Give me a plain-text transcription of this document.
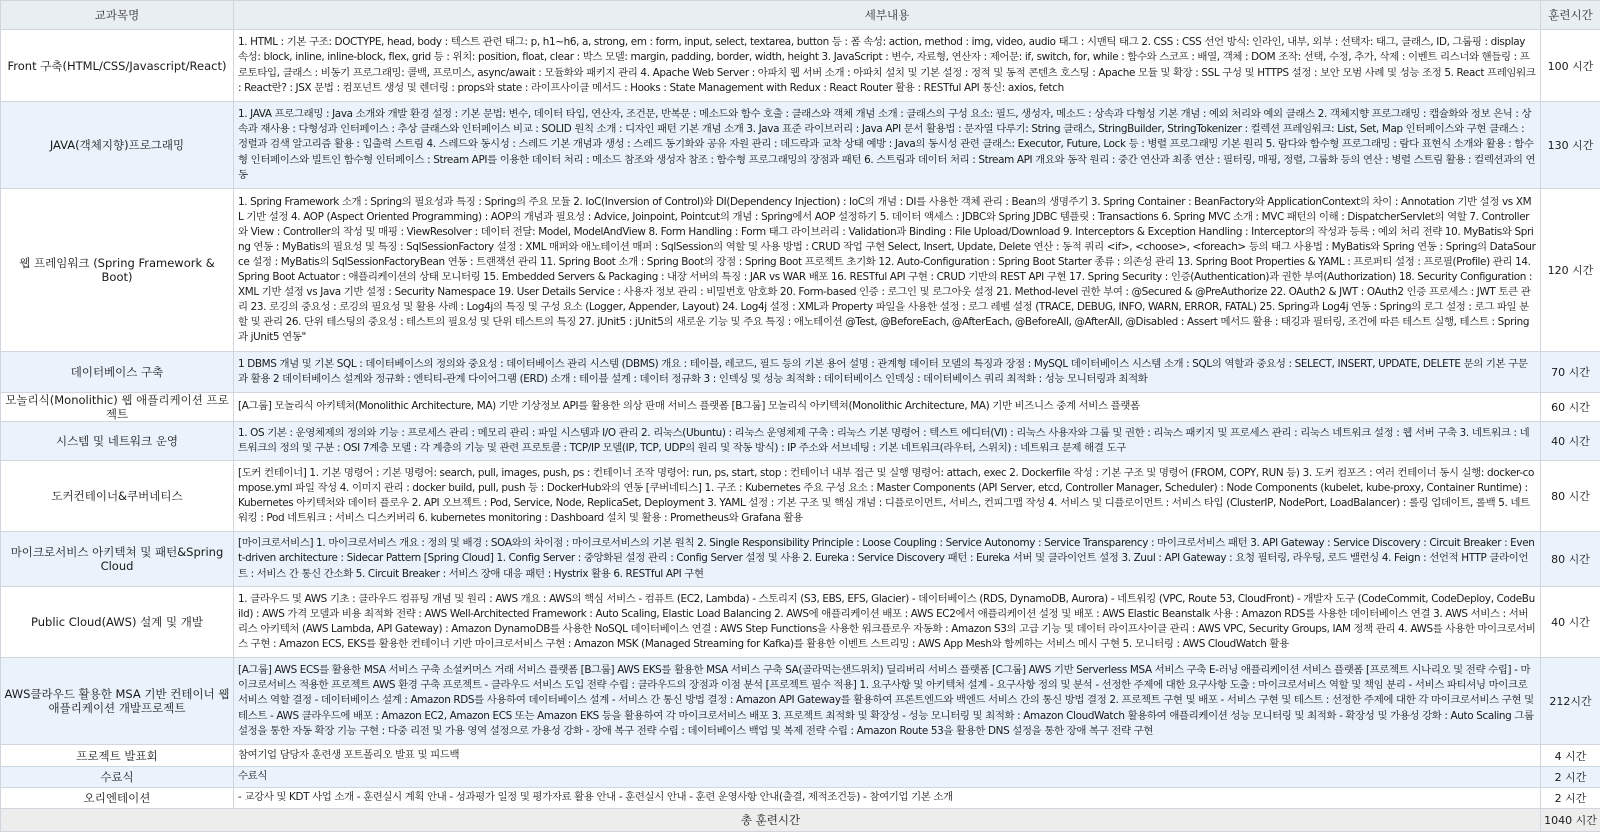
교과목명	세부내용	훈련시간
Front 구축(HTML/CSS/Javascript/React)	1. HTML : 기본 구조: DOCTYPE, head, body : 텍스트 관련 태그: p, h1~h6, a, strong, em : form, input, select, textarea, button 등 : 폼 속성: action, method : img, video, audio 태그 : 시맨틱 태그 2. CSS : CSS 선언 방식: 인라인, 내부, 외부 : 선택자: 태그, 클래스, ID, 그룹핑 : display 속성: block, inline, inline-block, flex, grid 등 : 위치: position, float, clear : 박스 모델: margin, padding, border, width, height 3. JavaScript : 변수, 자료형, 연산자 : 제어문: if, switch, for, while : 함수와 스코프 : 배열, 객체 : DOM 조작: 선택, 수정, 추가, 삭제 : 이벤트 리스너와 핸들링 : 프로토타입, 클래스 : 비동기 프로그래밍: 콜백, 프로미스, async/await : 모듈화와 패키지 관리 4. Apache Web Server : 아파치 웹 서버 소개 : 아파치 설치 및 기본 설정 : 정적 및 동적 콘텐츠 호스팅 : Apache 모듈 및 확장 : SSL 구성 및 HTTPS 설정 : 보안 모범 사례 및 성능 조정 5. React 프레임워크 : React란? : JSX 문법 : 컴포넌트 생성 및 렌더링 : props와 state : 라이프사이클 메서드 : Hooks : State Management with Redux : React Router 활용 : RESTful API 통신: axios, fetch	100 시간
JAVA(객체지향)프로그래밍	1. JAVA 프로그래밍 : Java 소개와 개발 환경 설정 : 기본 문법: 변수, 데이터 타입, 연산자, 조건문, 반복문 : 메소드와 함수 호출 : 클래스와 객체 개념 소개 : 클래스의 구성 요소: 필드, 생성자, 메소드 : 상속과 다형성 기본 개념 : 예외 처리와 예외 클래스 2. 객체지향 프로그래밍 : 캡슐화와 정보 은닉 : 상속과 재사용 : 다형성과 인터페이스 : 추상 클래스와 인터페이스 비교 : SOLID 원칙 소개 : 디자인 패턴 기본 개념 소개 3. Java 표준 라이브러리 : Java API 문서 활용법 : 문자열 다루기: String 클래스, StringBuilder, StringTokenizer : 컬렉션 프레임워크: List, Set, Map 인터페이스와 구현 클래스 : 정렬과 검색 알고리즘 활용 : 입출력 스트림 4. 스레드와 동시성 : 스레드 기본 개념과 생성 : 스레드 동기화와 공유 자원 관리 : 데드락과 교착 상태 예방 : Java의 동시성 관련 클래스: Executor, Future, Lock 등 : 병렬 프로그래밍 기본 원리 5. 람다와 함수형 프로그래밍 : 람다 표현식 소개와 활용 : 함수형 인터페이스와 빌트인 함수형 인터페이스 : Stream API를 이용한 데이터 처리 : 메소드 참조와 생성자 참조 : 함수형 프로그래밍의 장점과 패턴 6. 스트림과 데이터 처리 : Stream API 개요와 동작 원리 : 중간 연산과 최종 연산 : 필터링, 매핑, 정렬, 그룹화 등의 연산 : 병렬 스트림 활용 : 컬렉션과의 연동	130 시간
웹 프레임워크 (Spring Framework & Boot)	1. Spring Framework 소개 : Spring의 필요성과 특징 : Spring의 주요 모듈 2. IoC(Inversion of Control)와 DI(Dependency Injection) : IoC의 개념 : DI를 사용한 객체 관리 : Bean의 생명주기 3. Spring Container : BeanFactory와 ApplicationContext의 차이 : Annotation 기반 설정 vs XML 기반 설정 4. AOP (Aspect Oriented Programming) : AOP의 개념과 필요성 : Advice, Joinpoint, Pointcut의 개념 : Spring에서 AOP 설정하기 5. 데이터 액세스 : JDBC와 Spring JDBC 템플릿 : Transactions 6. Spring MVC 소개 : MVC 패턴의 이해 : DispatcherServlet의 역할 7. Controller와 View : Controller의 작성 및 매핑 : ViewResolver : 데이터 전달: Model, ModelAndView 8. Form Handling : Form 태그 라이브러리 : Validation과 Binding : File Upload/Download 9. Interceptors & Exception Handling : Interceptor의 작성과 등록 : 예외 처리 전략 10. MyBatis와 Spring 연동 : MyBatis의 필요성 및 특징 : SqlSessionFactory 설정 : XML 매퍼와 애노테이션 매퍼 : SqlSession의 역할 및 사용 방법 : CRUD 작업 구현 Select, Insert, Update, Delete 연산 : 동적 쿼리 <if>, <choose>, <foreach> 등의 태그 사용법 : MyBatis와 Spring 연동 : Spring의 DataSource 설정 : MyBatis의 SqlSessionFactoryBean 연동 : 트랜잭션 관리 11. Spring Boot 소개 : Spring Boot의 장점 : Spring Boot 프로젝트 초기화 12. Auto-Configuration : Spring Boot Starter 종류 : 의존성 관리 13. Spring Boot Properties & YAML : 프로퍼티 설정 : 프로필(Profile) 관리 14. Spring Boot Actuator : 애플리케이션의 상태 모니터링 15. Embedded Servers & Packaging : 내장 서버의 특징 : JAR vs WAR 배포 16. RESTful API 구현 : CRUD 기반의 REST API 구현 17. Spring Security : 인증(Authentication)과 권한 부여(Authorization) 18. Security Configuration : XML 기반 설정 vs Java 기반 설정 : Security Namespace 19. User Details Service : 사용자 정보 관리 : 비밀번호 암호화 20. Form-based 인증 : 로그인 및 로그아웃 설정 21. Method-level 권한 부여 : @Secured & @PreAuthorize 22. OAuth2 & JWT : OAuth2 인증 프로세스 : JWT 토큰 관리 23. 로깅의 중요성 : 로깅의 필요성 및 활용 사례 : Log4j의 특징 및 구성 요소 (Logger, Appender, Layout) 24. Log4j 설정 : XML과 Property 파일을 사용한 설정 : 로그 레벨 설정 (TRACE, DEBUG, INFO, WARN, ERROR, FATAL) 25. Spring과 Log4j 연동 : Spring의 로그 설정 : 로그 파일 분할 및 관리 26. 단위 테스팅의 중요성 : 테스트의 필요성 및 단위 테스트의 특징 27. jUnit5 : jUnit5의 새로운 기능 및 주요 특징 : 애노테이션 @Test, @BeforeEach, @AfterEach, @BeforeAll, @AfterAll, @Disabled : Assert 메서드 활용 : 태깅과 필터링, 조건에 따른 테스트 실행, 테스트 : Spring과 jUnit5 연동"	120 시간
데이터베이스 구축	1 DBMS 개념 및 기본 SQL : 데이터베이스의 정의와 중요성 : 데이터베이스 관리 시스템 (DBMS) 개요 : 테이블, 레코드, 필드 등의 기본 용어 설명 : 관계형 데이터 모델의 특징과 장점 : MySQL 데이터베이스 시스템 소개 : SQL의 역할과 중요성 : SELECT, INSERT, UPDATE, DELETE 문의 기본 구문과 활용 2 데이터베이스 설계와 정규화 : 엔티티-관계 다이어그램 (ERD) 소개 : 테이블 설계 : 데이터 정규화 3 : 인덱싱 및 성능 최적화 : 데이터베이스 인덱싱 : 데이터베이스 쿼리 최적화 : 성능 모니터링과 최적화	70 시간
모놀리식(Monolithic) 웹 애플리케이션 프로젝트	[A그룹] 모놀리식 아키텍쳐(Monolithic Architecture, MA) 기반 기상정보 API를 활용한 의상 판매 서비스 플랫폼 [B그룹] 모놀리식 아키텍쳐(Monolithic Architecture, MA) 기반 비즈니스 중계 서비스 플랫폼	60 시간
시스템 및 네트워크 운영	1. OS 기본 : 운영체제의 정의와 기능 : 프로세스 관리 : 메모리 관리 : 파일 시스템과 I/O 관리 2. 리눅스(Ubuntu) : 리눅스 운영체제 구축 : 리눅스 기본 명령어 : 텍스트 에디터(VI) : 리눅스 사용자와 그룹 및 권한 : 리눅스 패키지 및 프로세스 관리 : 리눅스 네트워크 설정 : 웹 서버 구축 3. 네트워크 : 네트워크의 정의 및 구분 : OSI 7계층 모델 : 각 계층의 기능 및 관련 프로토콜 : TCP/IP 모델(IP, TCP, UDP의 원리 및 작동 방식) : IP 주소와 서브네팅 : 기본 네트워크(라우터, 스위치) : 네트워크 문제 해결 도구	40 시간
도커컨테이너&쿠버네티스	[도커 컨테이너] 1. 기본 명령어 : 기본 명령어: search, pull, images, push, ps : 컨테이너 조작 명령어: run, ps, start, stop : 컨테이너 내부 접근 및 실행 명령어: attach, exec 2. Dockerfile 작성 : 기본 구조 및 명령어 (FROM, COPY, RUN 등) 3. 도커 컴포즈 : 여러 컨테이너 동시 실행: docker-compose.yml 파일 작성 4. 이미지 관리 : docker build, pull, push 등 : DockerHub와의 연동 [쿠버네티스] 1. 구조 : Kubernetes 주요 구성 요소 : Master Components (API Server, etcd, Controller Manager, Scheduler) : Node Components (kubelet, kube-proxy, Container Runtime) : Kubernetes 아키텍처와 데이터 플로우 2. API 오브젝트 : Pod, Service, Node, ReplicaSet, Deployment 3. YAML 설정 : 기본 구조 및 핵심 개념 : 디플로이먼트, 서비스, 컨피그맵 작성 4. 서비스 및 디플로이먼트 : 서비스 타입 (ClusterIP, NodePort, LoadBalancer) : 롤링 업데이트, 롤백 5. 네트워킹 : Pod 네트워크 : 서비스 디스커버리 6. kubernetes monitoring : Dashboard 설치 및 활용 : Prometheus와 Grafana 활용	80 시간
마이크로서비스 아키텍쳐 및 패턴&Spring Cloud	[마이크로서비스] 1. 마이크로서비스 개요 : 정의 및 배경 : SOA와의 차이점 : 마이크로서비스의 기본 원칙 2. Single Responsibility Principle : Loose Coupling : Service Autonomy : Service Transparency : 마이크로서비스 패턴 3. API Gateway : Service Discovery : Circuit Breaker : Event-driven architecture : Sidecar Pattern [Spring Cloud] 1. Config Server : 중앙화된 설정 관리 : Config Server 설정 및 사용 2. Eureka : Service Discovery 패턴 : Eureka 서버 및 클라이언트 설정 3. Zuul : API Gateway : 요청 필터링, 라우팅, 로드 밸런싱 4. Feign : 선언적 HTTP 클라이언트 : 서비스 간 통신 간소화 5. Circuit Breaker : 서비스 장애 대응 패턴 : Hystrix 활용 6. RESTful API 구현	80 시간
Public Cloud(AWS) 설계 및 개발	1. 클라우드 및 AWS 기초 : 클라우드 컴퓨팅 개념 및 원리 : AWS 개요 : AWS의 핵심 서비스 - 컴퓨트 (EC2, Lambda) - 스토리지 (S3, EBS, EFS, Glacier) - 데이터베이스 (RDS, DynamoDB, Aurora) - 네트워킹 (VPC, Route 53, CloudFront) - 개발자 도구 (CodeCommit, CodeDeploy, CodeBuild) : AWS 가격 모델과 비용 최적화 전략 : AWS Well-Architected Framework : Auto Scaling, Elastic Load Balancing 2. AWS에 애플리케이션 배포 : AWS EC2에서 애플리케이션 설정 및 배포 : AWS Elastic Beanstalk 사용 : Amazon RDS를 사용한 데이터베이스 연결 3. AWS 서비스 : 서버리스 아키텍처 (AWS Lambda, API Gateway) : Amazon DynamoDB를 사용한 NoSQL 데이터베이스 연결 : AWS Step Functions을 사용한 워크플로우 자동화 : Amazon S3의 고급 기능 및 데이터 라이프사이클 관리 : AWS VPC, Security Groups, IAM 정책 관리 4. AWS를 사용한 마이크로서비스 구현 : Amazon ECS, EKS를 활용한 컨테이너 기반 마이크로서비스 구현 : Amazon MSK (Managed Streaming for Kafka)를 활용한 이벤트 스트리밍 : AWS App Mesh와 함께하는 서비스 메시 구현 5. 모니터링 : AWS CloudWatch 활용	40 시간
AWS클라우드 활용한 MSA 기반 컨테이너 웹 애플리케이션 개발프로젝트	[A그룹] AWS ECS를 활용한 MSA 서비스 구축 소셜커머스 거래 서비스 플랫폼 [B그룹] AWS EKS를 활용한 MSA 서비스 구축 SA(골라먹는샌드위치) 딜리버리 서비스 플랫폼 [C그룹] AWS 기반 Serverless MSA 서비스 구축 E-러닝 애플리케이션 서비스 플랫폼 [프로젝트 시나리오 및 전략 수립] - 마이크로서비스 적용한 프로젝트 AWS 환경 구축 프로젝트 - 클라우드 서비스 도입 전략 수립 : 클라우드의 장점과 이점 분석 [프로젝트 필수 적용] 1. 요구사항 및 아키텍처 설계 - 요구사항 정의 및 분석 - 선정한 주제에 대한 요구사항 도출 : 마이크로서비스 역할 및 책임 분리 - 서비스 파티셔닝 마이크로서비스 역할 결정 - 데이터베이스 설계 : Amazon RDS를 사용하여 데이터베이스 설계 - 서비스 간 통신 방법 결정 : Amazon API Gateway를 활용하여 프론트엔드와 백엔드 서비스 간의 통신 방법 결정 2. 프로젝트 구현 및 배포 - 서비스 구현 및 테스트 : 선정한 주제에 대한 각 마이크로서비스 구현 및 테스트 - AWS 클라우드에 배포 : Amazon EC2, Amazon ECS 또는 Amazon EKS 등을 활용하여 각 마이크로서비스 배포 3. 프로젝트 최적화 및 확장성 - 성능 모니터링 및 최적화 : Amazon CloudWatch 활용하여 애플리케이션 성능 모니터링 및 최적화 - 확장성 및 가용성 강화 : Auto Scaling 그룹 설정을 통한 자동 확장 기능 구현 : 다중 리전 및 가용 영역 설정으로 가용성 강화 - 장애 복구 전략 수립 : 데이터베이스 백업 및 복제 전략 수립 : Amazon Route 53을 활용한 DNS 설정을 통한 장애 복구 전략 구현	212시간
프로젝트 발표회	참여기업 담당자 훈련생 포트폴리오 발표 및 피드백	4 시간
수료식	수료식	2 시간
오리엔테이션	- 교강사 및 KDT 사업 소개 - 훈련실시 계획 안내 - 성과평가 일정 및 평가자료 활용 안내 - 훈련실시 안내 - 훈련 운영사항 안내(출결, 제적조건등) - 참여기업 기본 소개	2 시간
총 훈련시간		1040 시간
